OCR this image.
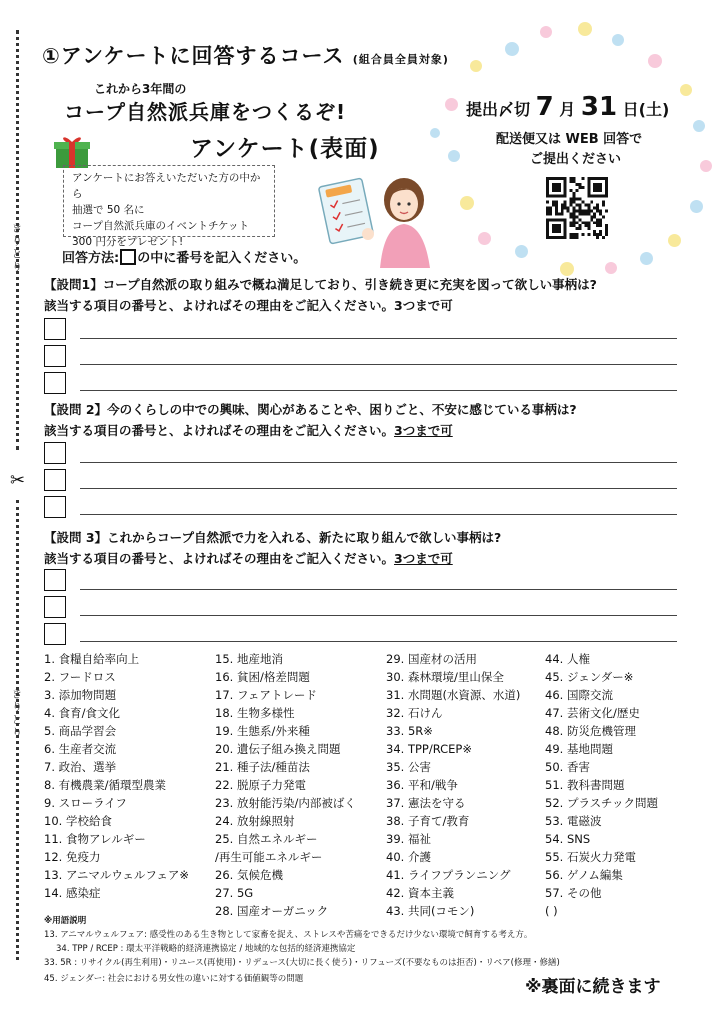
きりとり
✂
きりとり
①アンケートに回答するコース (組合員全員対象)
これから3年間の
コープ自然派兵庫をつくるぞ!
アンケート(表面)
アンケートにお答えいただいた方の中から
抽選で 50 名に
コープ自然派兵庫のイベントチケット
300 円分をプレゼント!
提出〆切 7 月 31 日(土)
配送便又は WEB 回答で
ご提出ください
回答方法: の中に番号を記入ください。
【設問1】コープ自然派の取り組みで概ね満足しており、引き続き更に充実を図って欲しい事柄は?
該当する項目の番号と、よければその理由をご記入ください。3つまで可
【設問 2】今のくらしの中での興味、関心があることや、困りごと、不安に感じている事柄は?
該当する項目の番号と、よければその理由をご記入ください。3つまで可
【設問 3】これからコープ自然派で力を入れる、新たに取り組んで欲しい事柄は?
該当する項目の番号と、よければその理由をご記入ください。3つまで可
1. 食糧自給率向上
2. フードロス
3. 添加物問題
4. 食育/食文化
5. 商品学習会
6. 生産者交流
7. 政治、選挙
8. 有機農業/循環型農業
9. スローライフ
10. 学校給食
11. 食物アレルギー
12. 免疫力
13. アニマルウェルフェア※
14. 感染症
15. 地産地消
16. 貧困/格差問題
17. フェアトレード
18. 生物多様性
19. 生態系/外来種
20. 遺伝子組み換え問題
21. 種子法/種苗法
22. 脱原子力発電
23. 放射能汚染/内部被ばく
24. 放射線照射
25. 自然エネルギー
/再生可能エネルギー
26. 気候危機
27. 5G
28. 国産オーガニック
29. 国産材の活用
30. 森林環境/里山保全
31. 水問題(水資源、水道)
32. 石けん
33. 5R※
34. TPP/RCEP※
35. 公害
36. 平和/戦争
37. 憲法を守る
38. 子育て/教育
39. 福祉
40. 介護
41. ライフプランニング
42. 資本主義
43. 共同(コモン)
44. 人権
45. ジェンダー※
46. 国際交流
47. 芸術文化/歴史
48. 防災危機管理
49. 基地問題
50. 香害
51. 教科書問題
52. プラスチック問題
53. 電磁波
54. SNS
55. 石炭火力発電
56. ゲノム編集
57. その他
( )
※用語説明
13. アニマルウェルフェア: 感受性のある生き物として家畜を捉え、ストレスや苦痛をできるだけ少ない環境で飼育する考え方。
34. TPP / RCEP : 環太平洋戦略的経済連携協定 / 地域的な包括的経済連携協定
33. 5R : リサイクル(再生利用)・リユース(再使用)・リデュース(大切に長く使う)・リフューズ(不要なものは拒否)・リペア(修理・修繕)
45. ジェンダー: 社会における男女性の違いに対する価値観等の問題	※裏面に続きます
